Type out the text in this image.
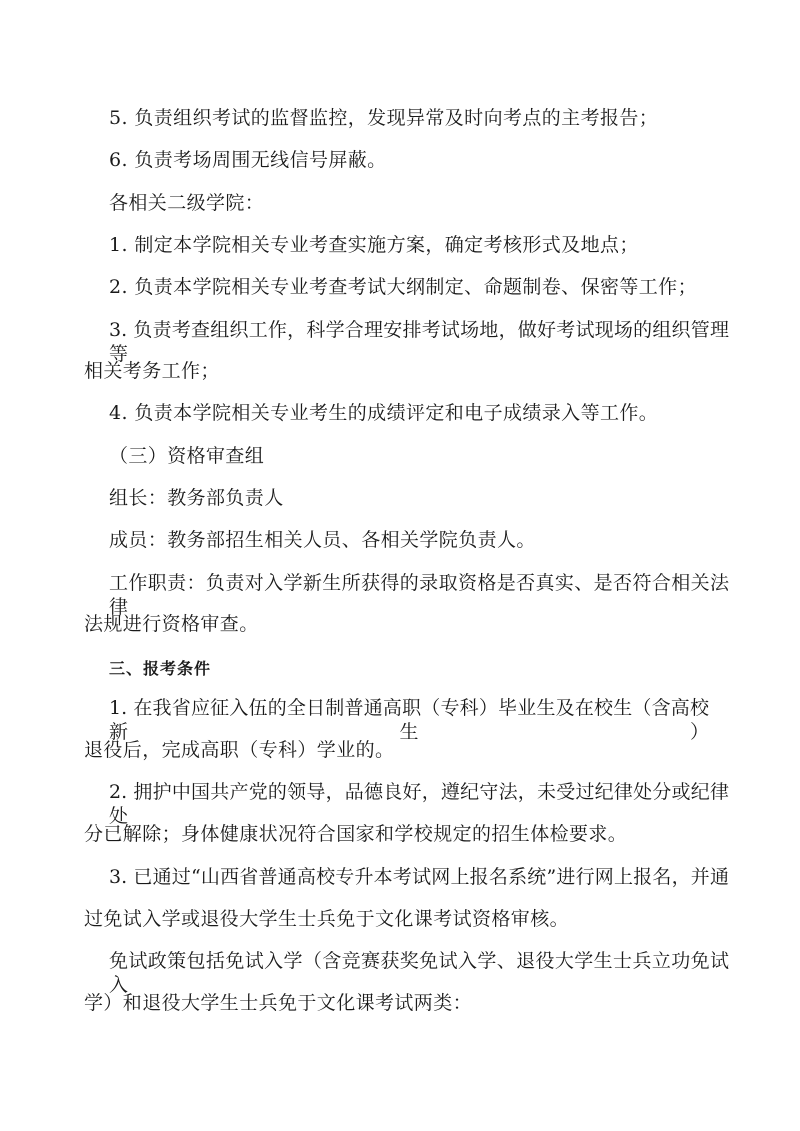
5. 负责组织考试的监督监控，发现异常及时向考点的主考报告；
6. 负责考场周围无线信号屏蔽。
各相关二级学院：
1. 制定本学院相关专业考查实施方案，确定考核形式及地点；
2. 负责本学院相关专业考查考试大纲制定、命题制卷、保密等工作；
3. 负责考查组织工作，科学合理安排考试场地，做好考试现场的组织管理等
相关考务工作；
4. 负责本学院相关专业考生的成绩评定和电子成绩录入等工作。
（三）资格审查组
组长：教务部负责人
成员：教务部招生相关人员、各相关学院负责人。
工作职责：负责对入学新生所获得的录取资格是否真实、是否符合相关法律
法规进行资格审查。
三、报考条件
1. 在我省应征入伍的全日制普通高职（专科）毕业生及在校生（含高校新生）
退役后，完成高职（专科）学业的。
2. 拥护中国共产党的领导，品德良好，遵纪守法，未受过纪律处分或纪律处
分已解除；身体健康状况符合国家和学校规定的招生体检要求。
3. 已通过“山西省普通高校专升本考试网上报名系统”进行网上报名，并通
过免试入学或退役大学生士兵免于文化课考试资格审核。
免试政策包括免试入学（含竞赛获奖免试入学、退役大学生士兵立功免试入
学）和退役大学生士兵免于文化课考试两类：
